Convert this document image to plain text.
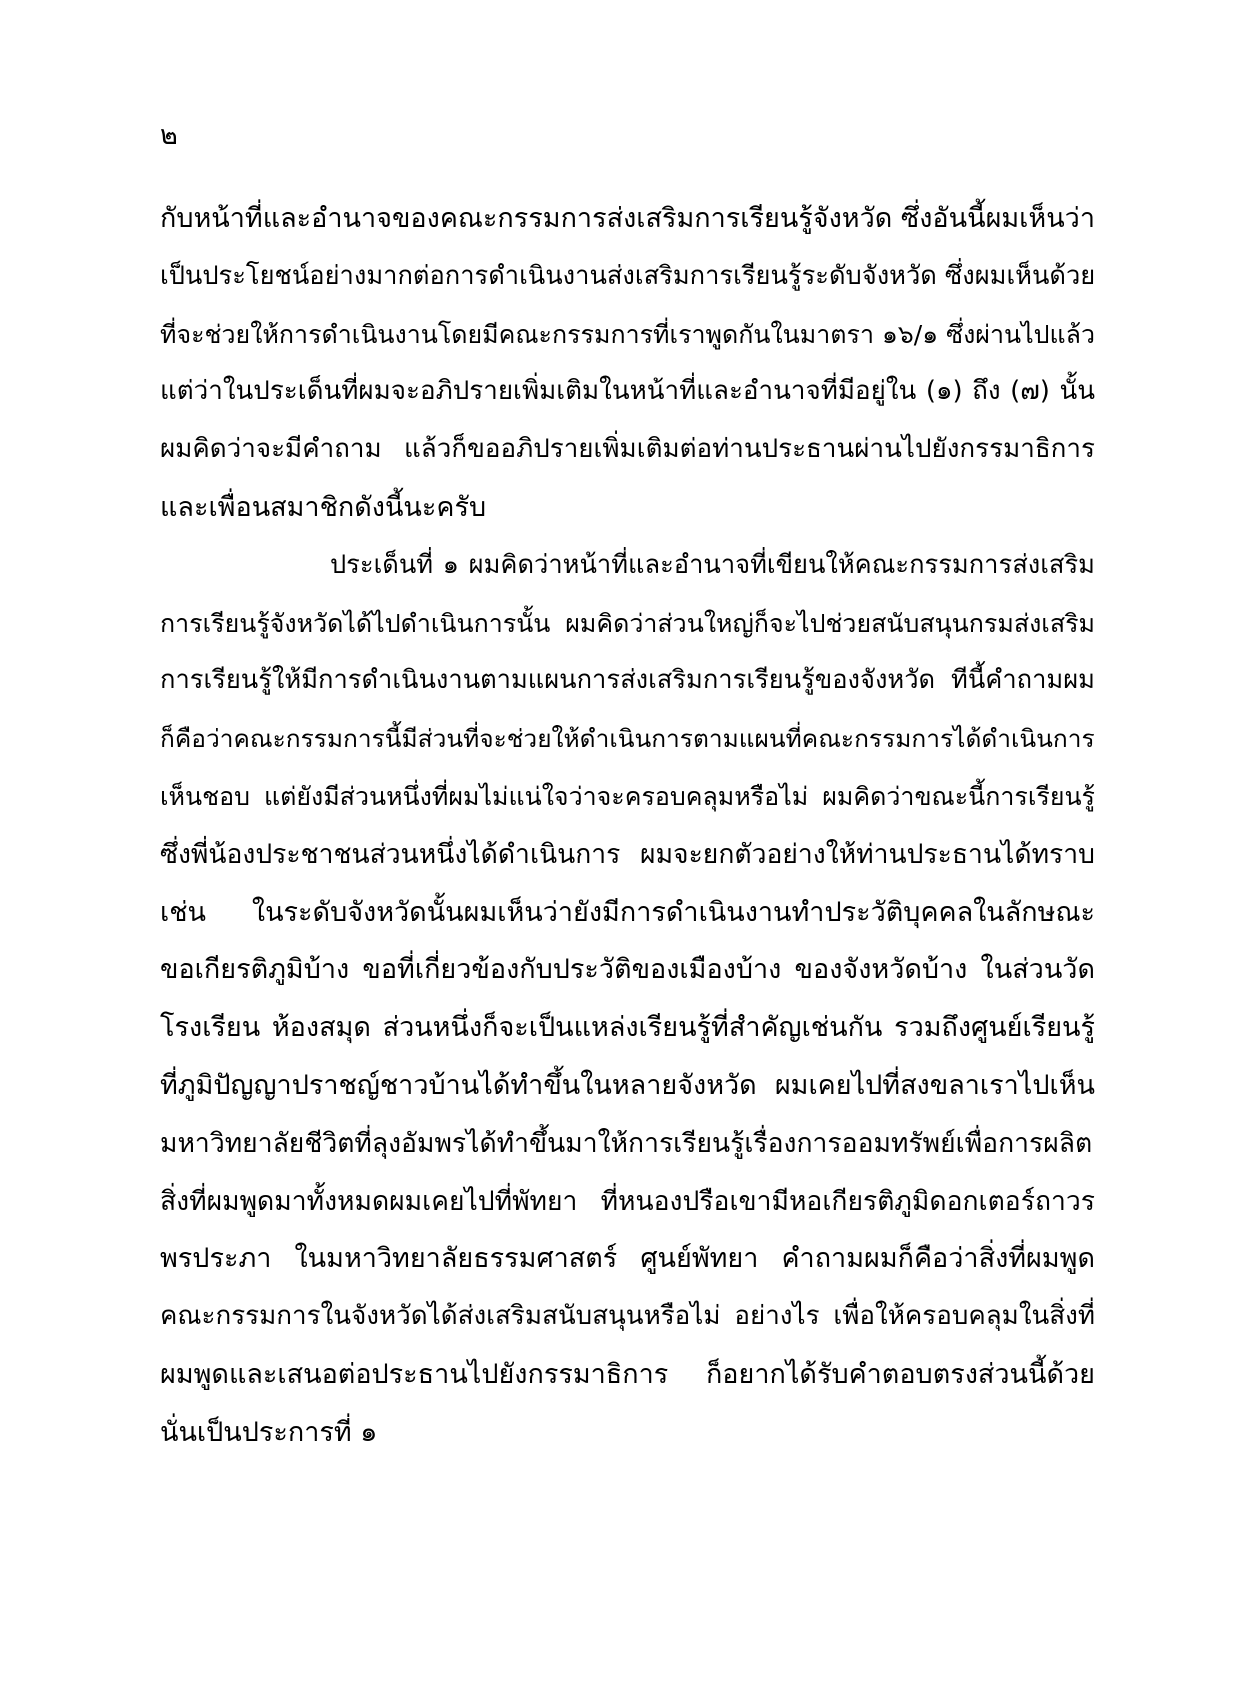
๒
กับหน้าที่และอำนาจของคณะกรรมการส่งเสริมการเรียนรู้จังหวัด ซึ่งอันนี้ผมเห็นว่า
เป็นประโยชน์อย่างมากต่อการดำเนินงานส่งเสริมการเรียนรู้ระดับจังหวัด ซึ่งผมเห็นด้วย
ที่จะช่วยให้การดำเนินงานโดยมีคณะกรรมการที่เราพูดกันในมาตรา ๑๖/๑ ซึ่งผ่านไปแล้ว
แต่ว่าในประเด็นที่ผมจะอภิปรายเพิ่มเติมในหน้าที่และอำนาจที่มีอยู่ใน (๑) ถึง (๗) นั้น
ผมคิดว่าจะมีคำถาม แล้วก็ขออภิปรายเพิ่มเติมต่อท่านประธานผ่านไปยังกรรมาธิการ
และเพื่อนสมาชิกดังนี้นะครับ
ประเด็นที่ ๑ ผมคิดว่าหน้าที่และอำนาจที่เขียนให้คณะกรรมการส่งเสริม
การเรียนรู้จังหวัดได้ไปดำเนินการนั้น ผมคิดว่าส่วนใหญ่ก็จะไปช่วยสนับสนุนกรมส่งเสริม
การเรียนรู้ให้มีการดำเนินงานตามแผนการส่งเสริมการเรียนรู้ของจังหวัด ทีนี้คำถามผม
ก็คือว่าคณะกรรมการนี้มีส่วนที่จะช่วยให้ดำเนินการตามแผนที่คณะกรรมการได้ดำเนินการ
เห็นชอบ แต่ยังมีส่วนหนึ่งที่ผมไม่แน่ใจว่าจะครอบคลุมหรือไม่ ผมคิดว่าขณะนี้การเรียนรู้
ซึ่งพี่น้องประชาชนส่วนหนึ่งได้ดำเนินการ ผมจะยกตัวอย่างให้ท่านประธานได้ทราบ
เช่น ในระดับจังหวัดนั้นผมเห็นว่ายังมีการดำเนินงานทำประวัติบุคคลในลักษณะ
ขอเกียรติภูมิบ้าง ขอที่เกี่ยวข้องกับประวัติของเมืองบ้าง ของจังหวัดบ้าง ในส่วนวัด
โรงเรียน ห้องสมุด ส่วนหนึ่งก็จะเป็นแหล่งเรียนรู้ที่สำคัญเช่นกัน รวมถึงศูนย์เรียนรู้
ที่ภูมิปัญญาปราชญ์ชาวบ้านได้ทำขึ้นในหลายจังหวัด ผมเคยไปที่สงขลาเราไปเห็น
มหาวิทยาลัยชีวิตที่ลุงอัมพรได้ทำขึ้นมาให้การเรียนรู้เรื่องการออมทรัพย์เพื่อการผลิต
สิ่งที่ผมพูดมาทั้งหมดผมเคยไปที่พัทยา ที่หนองปรือเขามีหอเกียรติภูมิดอกเตอร์ถาวร
พรประภา ในมหาวิทยาลัยธรรมศาสตร์ ศูนย์พัทยา คำถามผมก็คือว่าสิ่งที่ผมพูด
คณะกรรมการในจังหวัดได้ส่งเสริมสนับสนุนหรือไม่ อย่างไร เพื่อให้ครอบคลุมในสิ่งที่
ผมพูดและเสนอต่อประธานไปยังกรรมาธิการ ก็อยากได้รับคำตอบตรงส่วนนี้ด้วย
นั่นเป็นประการที่ ๑
